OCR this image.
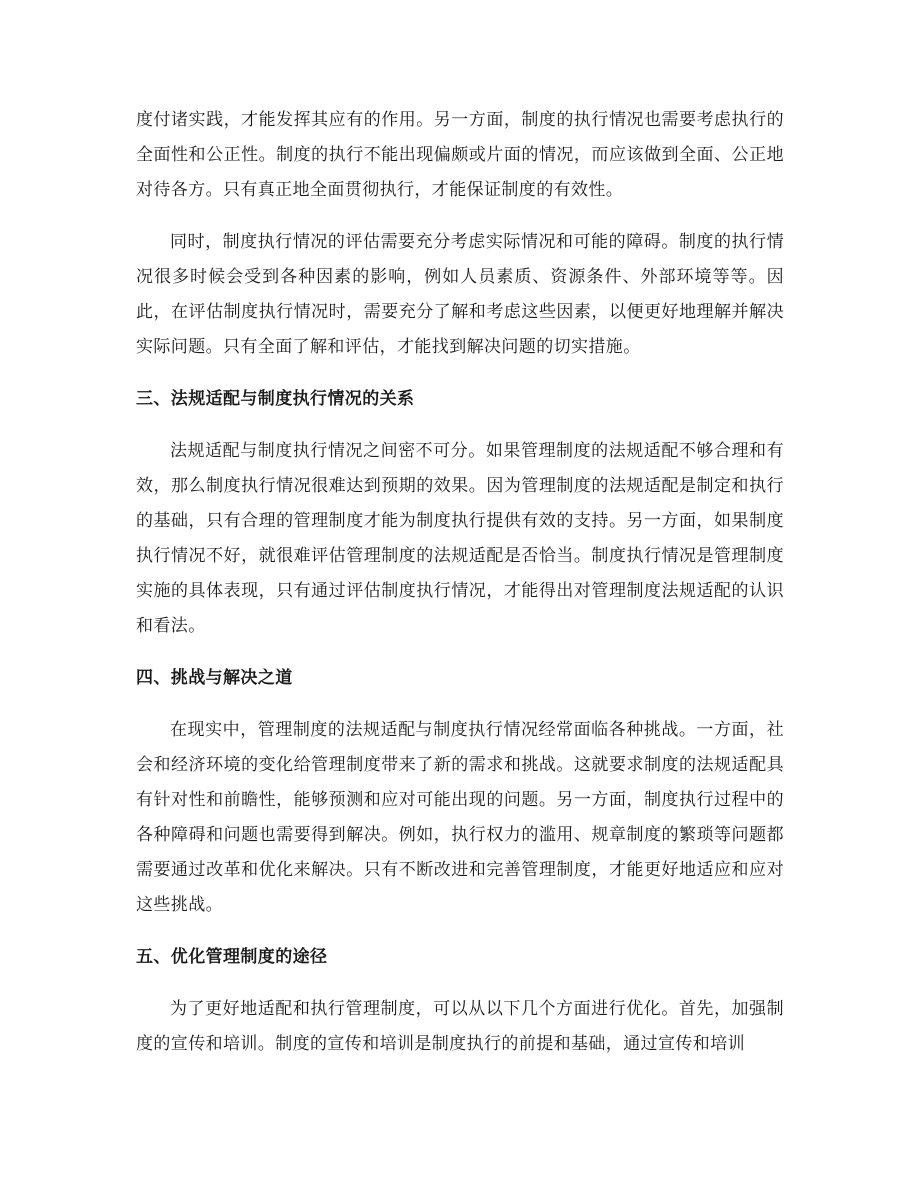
度付诸实践，才能发挥其应有的作用。另一方面，制度的执行情况也需要考虑执行的全面性和公正性。制度的执行不能出现偏颇或片面的情况，而应该做到全面、公正地对待各方。只有真正地全面贯彻执行，才能保证制度的有效性。

同时，制度执行情况的评估需要充分考虑实际情况和可能的障碍。制度的执行情况很多时候会受到各种因素的影响，例如人员素质、资源条件、外部环境等等。因此，在评估制度执行情况时，需要充分了解和考虑这些因素，以便更好地理解并解决实际问题。只有全面了解和评估，才能找到解决问题的切实措施。

三、法规适配与制度执行情况的关系

法规适配与制度执行情况之间密不可分。如果管理制度的法规适配不够合理和有效，那么制度执行情况很难达到预期的效果。因为管理制度的法规适配是制定和执行的基础，只有合理的管理制度才能为制度执行提供有效的支持。另一方面，如果制度执行情况不好，就很难评估管理制度的法规适配是否恰当。制度执行情况是管理制度实施的具体表现，只有通过评估制度执行情况，才能得出对管理制度法规适配的认识和看法。

四、挑战与解决之道

在现实中，管理制度的法规适配与制度执行情况经常面临各种挑战。一方面，社会和经济环境的变化给管理制度带来了新的需求和挑战。这就要求制度的法规适配具有针对性和前瞻性，能够预测和应对可能出现的问题。另一方面，制度执行过程中的各种障碍和问题也需要得到解决。例如，执行权力的滥用、规章制度的繁琐等问题都需要通过改革和优化来解决。只有不断改进和完善管理制度，才能更好地适应和应对这些挑战。

五、优化管理制度的途径

为了更好地适配和执行管理制度，可以从以下几个方面进行优化。首先，加强制度的宣传和培训。制度的宣传和培训是制度执行的前提和基础，通过宣传和培训
